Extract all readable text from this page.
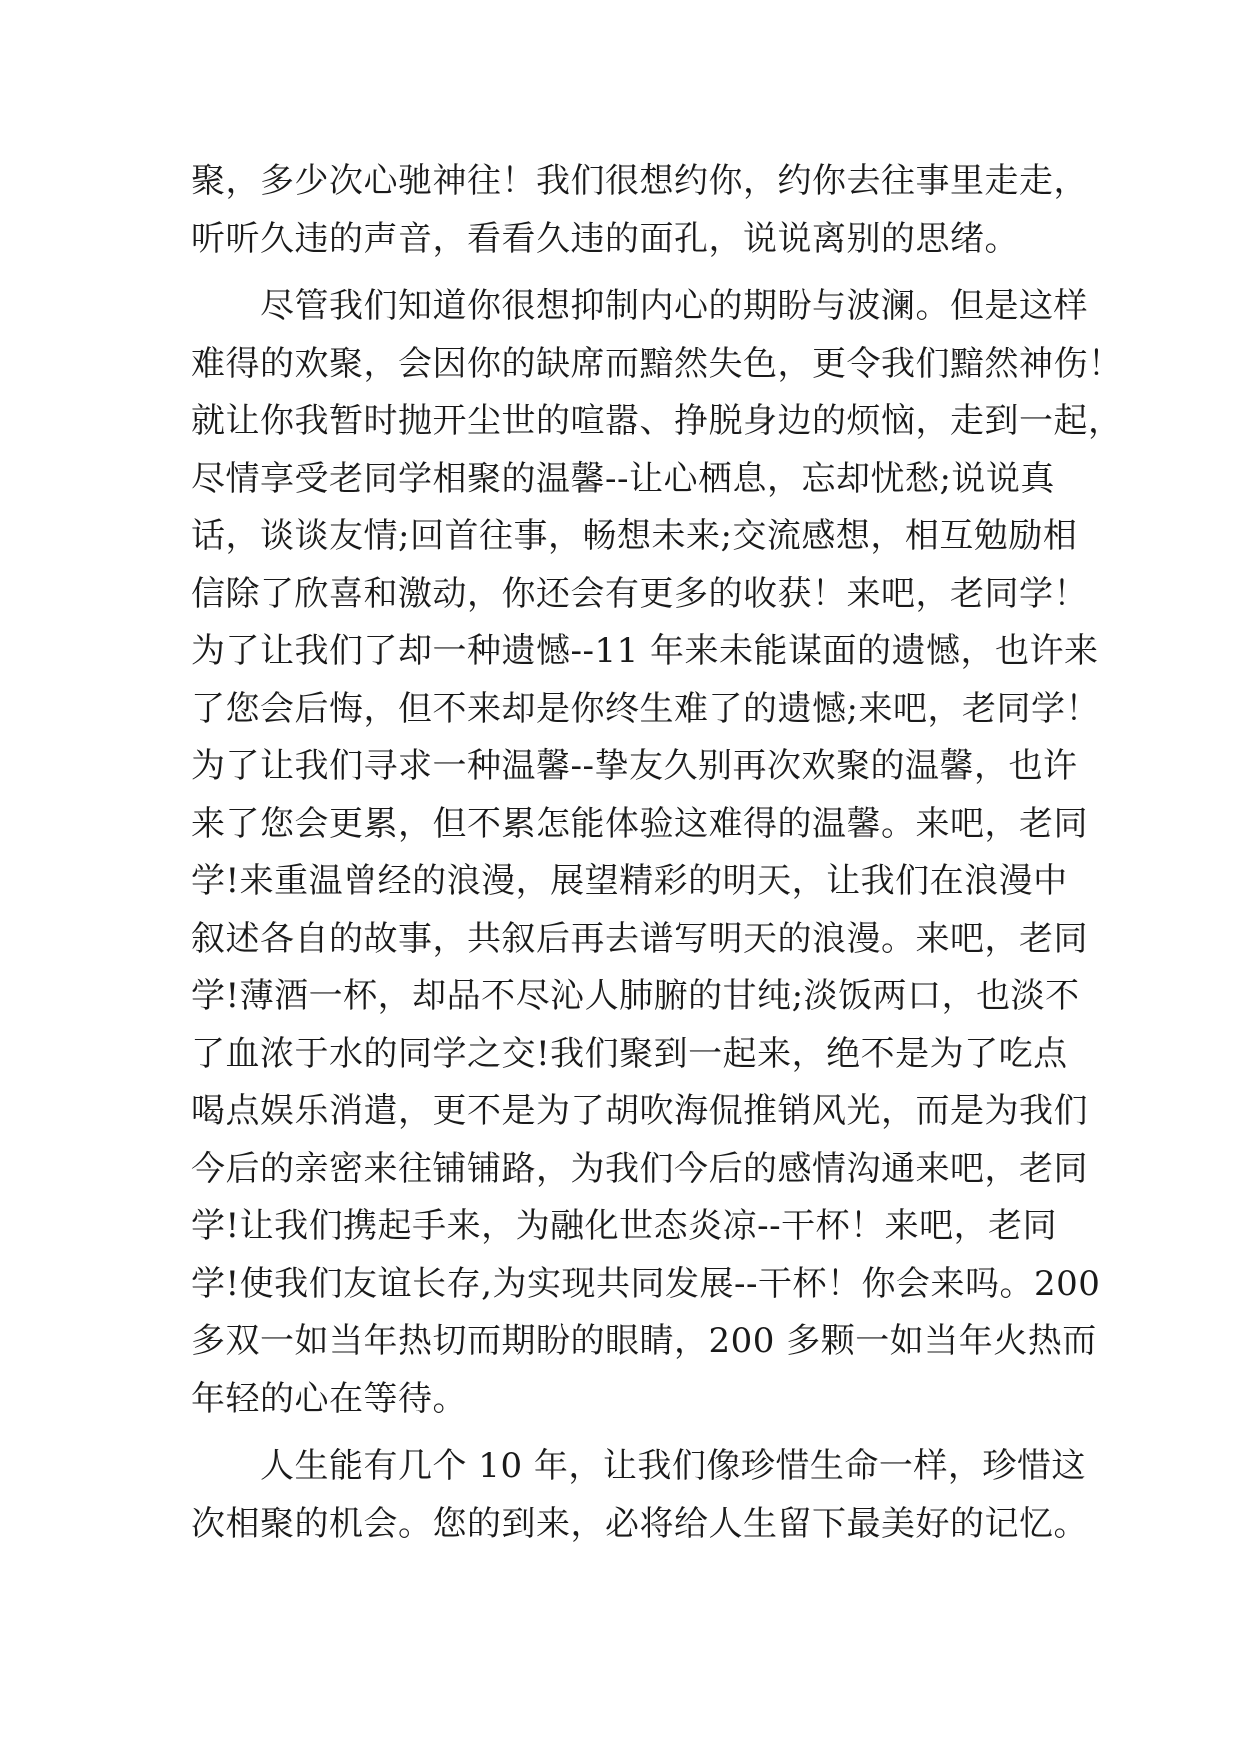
聚，多少次心驰神往！我们很想约你，约你去往事里走走，
听听久违的声音，看看久违的面孔，说说离别的思绪。
　　尽管我们知道你很想抑制内心的期盼与波澜。但是这样
难得的欢聚，会因你的缺席而黯然失色，更令我们黯然神伤！
就让你我暂时抛开尘世的喧嚣、挣脱身边的烦恼，走到一起，
尽情享受老同学相聚的温馨--让心栖息，忘却忧愁;说说真
话，谈谈友情;回首往事，畅想未来;交流感想，相互勉励相
信除了欣喜和激动，你还会有更多的收获！来吧，老同学！
为了让我们了却一种遗憾--11 年来未能谋面的遗憾，也许来
了您会后悔，但不来却是你终生难了的遗憾;来吧，老同学！
为了让我们寻求一种温馨--挚友久别再次欢聚的温馨，也许
来了您会更累，但不累怎能体验这难得的温馨。来吧，老同
学!来重温曾经的浪漫，展望精彩的明天，让我们在浪漫中
叙述各自的故事，共叙后再去谱写明天的浪漫。来吧，老同
学!薄酒一杯，却品不尽沁人肺腑的甘纯;淡饭两口，也淡不
了血浓于水的同学之交!我们聚到一起来，绝不是为了吃点
喝点娱乐消遣，更不是为了胡吹海侃推销风光，而是为我们
今后的亲密来往铺铺路，为我们今后的感情沟通来吧，老同
学!让我们携起手来，为融化世态炎凉--干杯！来吧，老同
学!使我们友谊长存,为实现共同发展--干杯！你会来吗。200
多双一如当年热切而期盼的眼睛，200 多颗一如当年火热而
年轻的心在等待。
　　人生能有几个 10 年，让我们像珍惜生命一样，珍惜这
次相聚的机会。您的到来，必将给人生留下最美好的记忆。
